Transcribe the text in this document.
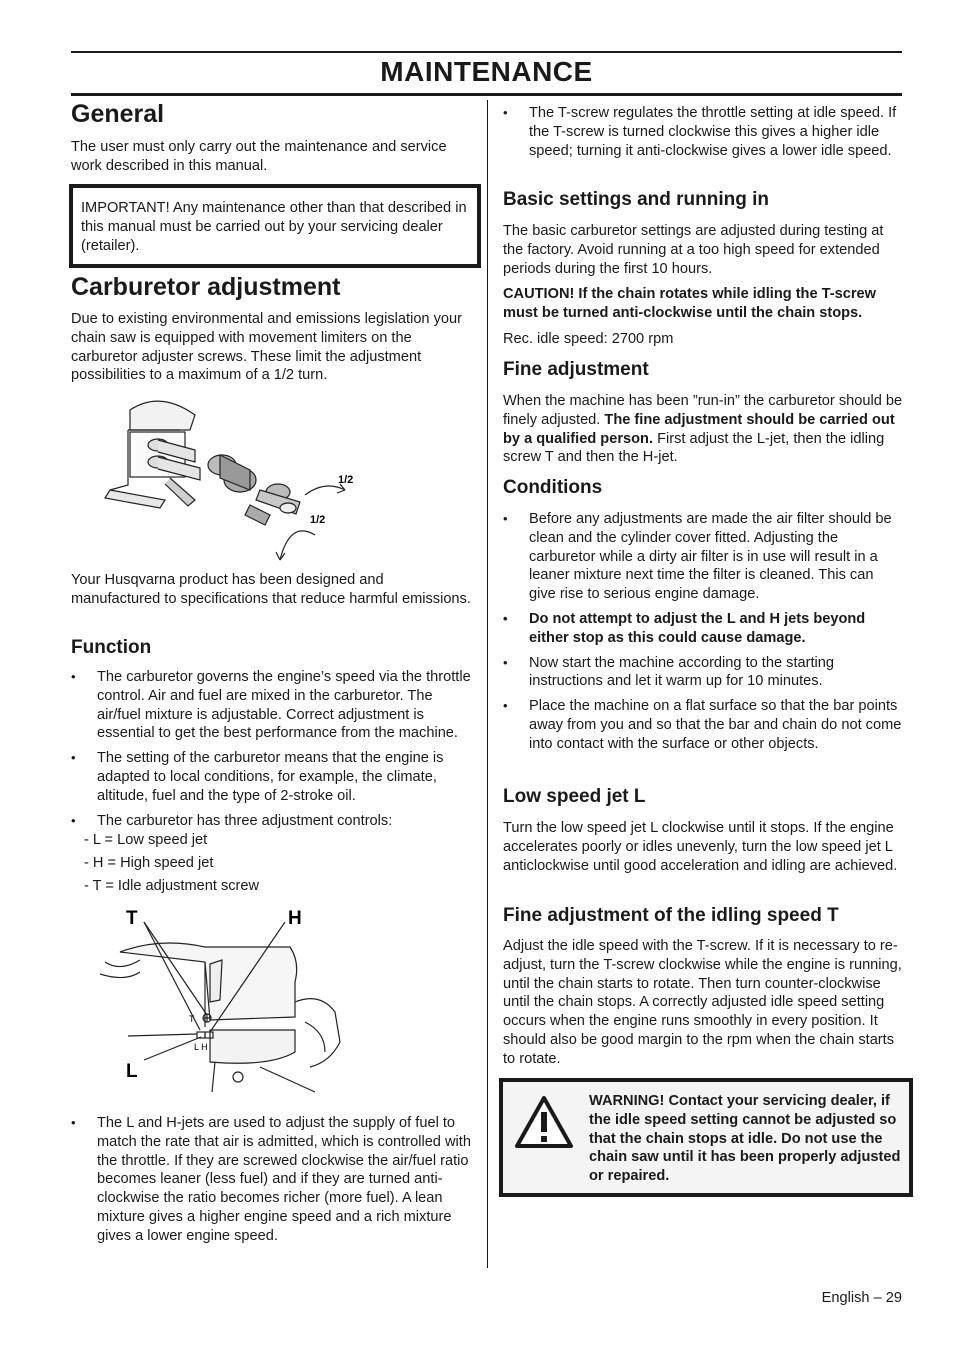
MAINTENANCE
General

The user must only carry out the maintenance and service work described in this manual.

IMPORTANT! Any maintenance other than that described in this manual must be carried out by your servicing dealer (retailer).

Carburetor adjustment

Due to existing environmental and emissions legislation your chain saw is equipped with movement limiters on the carburetor adjuster screws. These limit the adjustment possibilities to a maximum of a 1/2 turn.

1/2
1/2

Your Husqvarna product has been designed and manufactured to specifications that reduce harmful emissions.

Function
• The carburetor governs the engine’s speed via the throttle control. Air and fuel are mixed in the carburetor. The air/fuel mixture is adjustable. Correct adjustment is essential to get the best performance from the machine.
• The setting of the carburetor means that the engine is adapted to local conditions, for example, the climate, altitude, fuel and the type of 2-stroke oil.
• The carburetor has three adjustment controls:
- L = Low speed jet
- H = High speed jet
- T = Idle adjustment screw
T	H
L
T
L H
• The L and H-jets are used to adjust the supply of fuel to match the rate that air is admitted, which is controlled with the throttle. If they are screwed clockwise the air/fuel ratio becomes leaner (less fuel) and if they are turned anti-clockwise the ratio becomes richer (more fuel). A lean mixture gives a higher engine speed and a rich mixture gives a lower engine speed.
• The T-screw regulates the throttle setting at idle speed. If the T-screw is turned clockwise this gives a higher idle speed; turning it anti-clockwise gives a lower idle speed.
Basic settings and running in

The basic carburetor settings are adjusted during testing at the factory. Avoid running at a too high speed for extended periods during the first 10 hours.

CAUTION! If the chain rotates while idling the T-screw must be turned anti-clockwise until the chain stops.

Rec. idle speed: 2700 rpm

Fine adjustment

When the machine has been ”run-in” the carburetor should be finely adjusted. The fine adjustment should be carried out by a qualified person. First adjust the L-jet, then the idling screw T and then the H-jet.

Conditions
• Before any adjustments are made the air filter should be clean and the cylinder cover fitted. Adjusting the carburetor while a dirty air filter is in use will result in a leaner mixture next time the filter is cleaned. This can give rise to serious engine damage.
• Do not attempt to adjust the L and H jets beyond either stop as this could cause damage.
• Now start the machine according to the starting instructions and let it warm up for 10 minutes.
• Place the machine on a flat surface so that the bar points away from you and so that the bar and chain do not come into contact with the surface or other objects.
Low speed jet L

Turn the low speed jet L clockwise until it stops. If the engine accelerates poorly or idles unevenly, turn the low speed jet L anticlockwise until good acceleration and idling are achieved.

Fine adjustment of the idling speed T

Adjust the idle speed with the T-screw. If it is necessary to re-adjust, turn the T-screw clockwise while the engine is running, until the chain starts to rotate. Then turn counter-clockwise until the chain stops. A correctly adjusted idle speed setting occurs when the engine runs smoothly in every position. It should also be good margin to the rpm when the chain starts to rotate.

WARNING! Contact your servicing dealer, if the idle speed setting cannot be adjusted so that the chain stops at idle. Do not use the chain saw until it has been properly adjusted or repaired.

English – 29
